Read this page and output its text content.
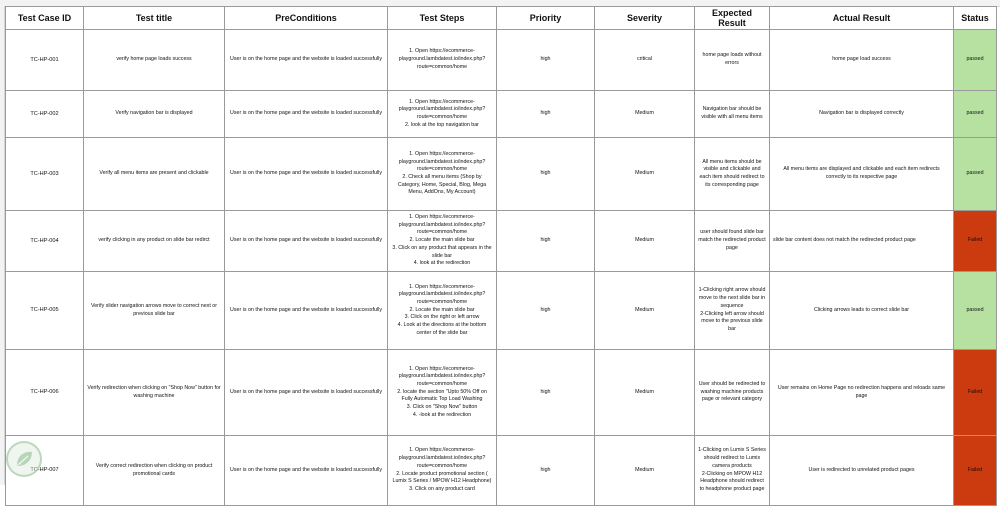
Test Case ID	Test title	PreConditions	Test Steps	Priority	Severity	Expected Result	Actual Result	Status
TC-HP-001	verify home page loads success	User is on the home page and the website is loaded successfully	1. Open https://ecommerce-playground.lambdatest.io/index.php?route=common/home	high	critical	home page loads without errors	home page load success	passed
TC-HP-002	Verify navigation bar is displayed	User is on the home page and the website is loaded successfully	1. Open https://ecommerce-playground.lambdatest.io/index.php?route=common/home
2. look at the top navigation bar	high	Medium	Navigation bar should be visible with all menu items	Navigation bar is displayed correctly	passed
TC-HP-003	Verify all menu items are present and clickable	User is on the home page and the website is loaded successfully	1. Open https://ecommerce-playground.lambdatest.io/index.php?route=common/home
2. Check all menu items (Shop by Category, Home, Special, Blog, Mega Menu, AddOns, My Account)	high	Medium	All menu items should be visible and clickable and each item should redirect to its corresponding page	All menu items are displayed and clickable and each item redirects correctly to its respective page	passed
TC-HP-004	verify clicking in any product on slide bar redirct	User is on the home page and the website is loaded successfully	1. Open https://ecommerce-playground.lambdatest.io/index.php?route=common/home
2. Locate the main slide bar
3. Click on any product that appears in the slide bar
4. look at the redirection	high	Medium	user should found slide bar match the redirected product page	slide bar content does not match the redirected product page	Failed
TC-HP-005	Verify slider navigation arrows move to correct next or previous slide bar	User is on the home page and the website is loaded successfully	1. Open https://ecommerce-playground.lambdatest.io/index.php?route=common/home
2. Locate the main slide bar
3. Click on the right or left arrow
4. Look at the directions at the bottom center of the slide bar	high	Medium	1-Clicking right arrow should move to the next slide bar in sequence
2-Clicking left arrow should move to the previous slide bar	Clicking arrows leads to correct slide bar	passed
TC-HP-006	Verify redirection when clicking on "Shop Now" button for washing machine	User is on the home page and the website is loaded successfully	1. Open https://ecommerce-playground.lambdatest.io/index.php?route=common/home
2. locate the section "Upto 50% Off on Fully Automatic Top Load Washing
3. Click on "Shop Now" button
4. -look at the redirection	high	Medium	User should be redirected to washing machine products page or relevant category	User remains on Home Page no redirection happens and reloads same page	Failed
TC-HP-007	Verify correct redirection when clicking on product promotional cards	User is on the home page and the website is loaded successfully	1. Open https://ecommerce-playground.lambdatest.io/index.php?route=common/home
2. Locate product promotional section ( Lumix S Series / MPOW H12 Headphone)
3. Click on any product card	high	Medium	1-Clicking on Lumix S Series should redirect to Lumix camera products
2-Clicking on MPOW H12 Headphone should redirect to headphone product page	User is redirected to unrelated product pages	Failed
